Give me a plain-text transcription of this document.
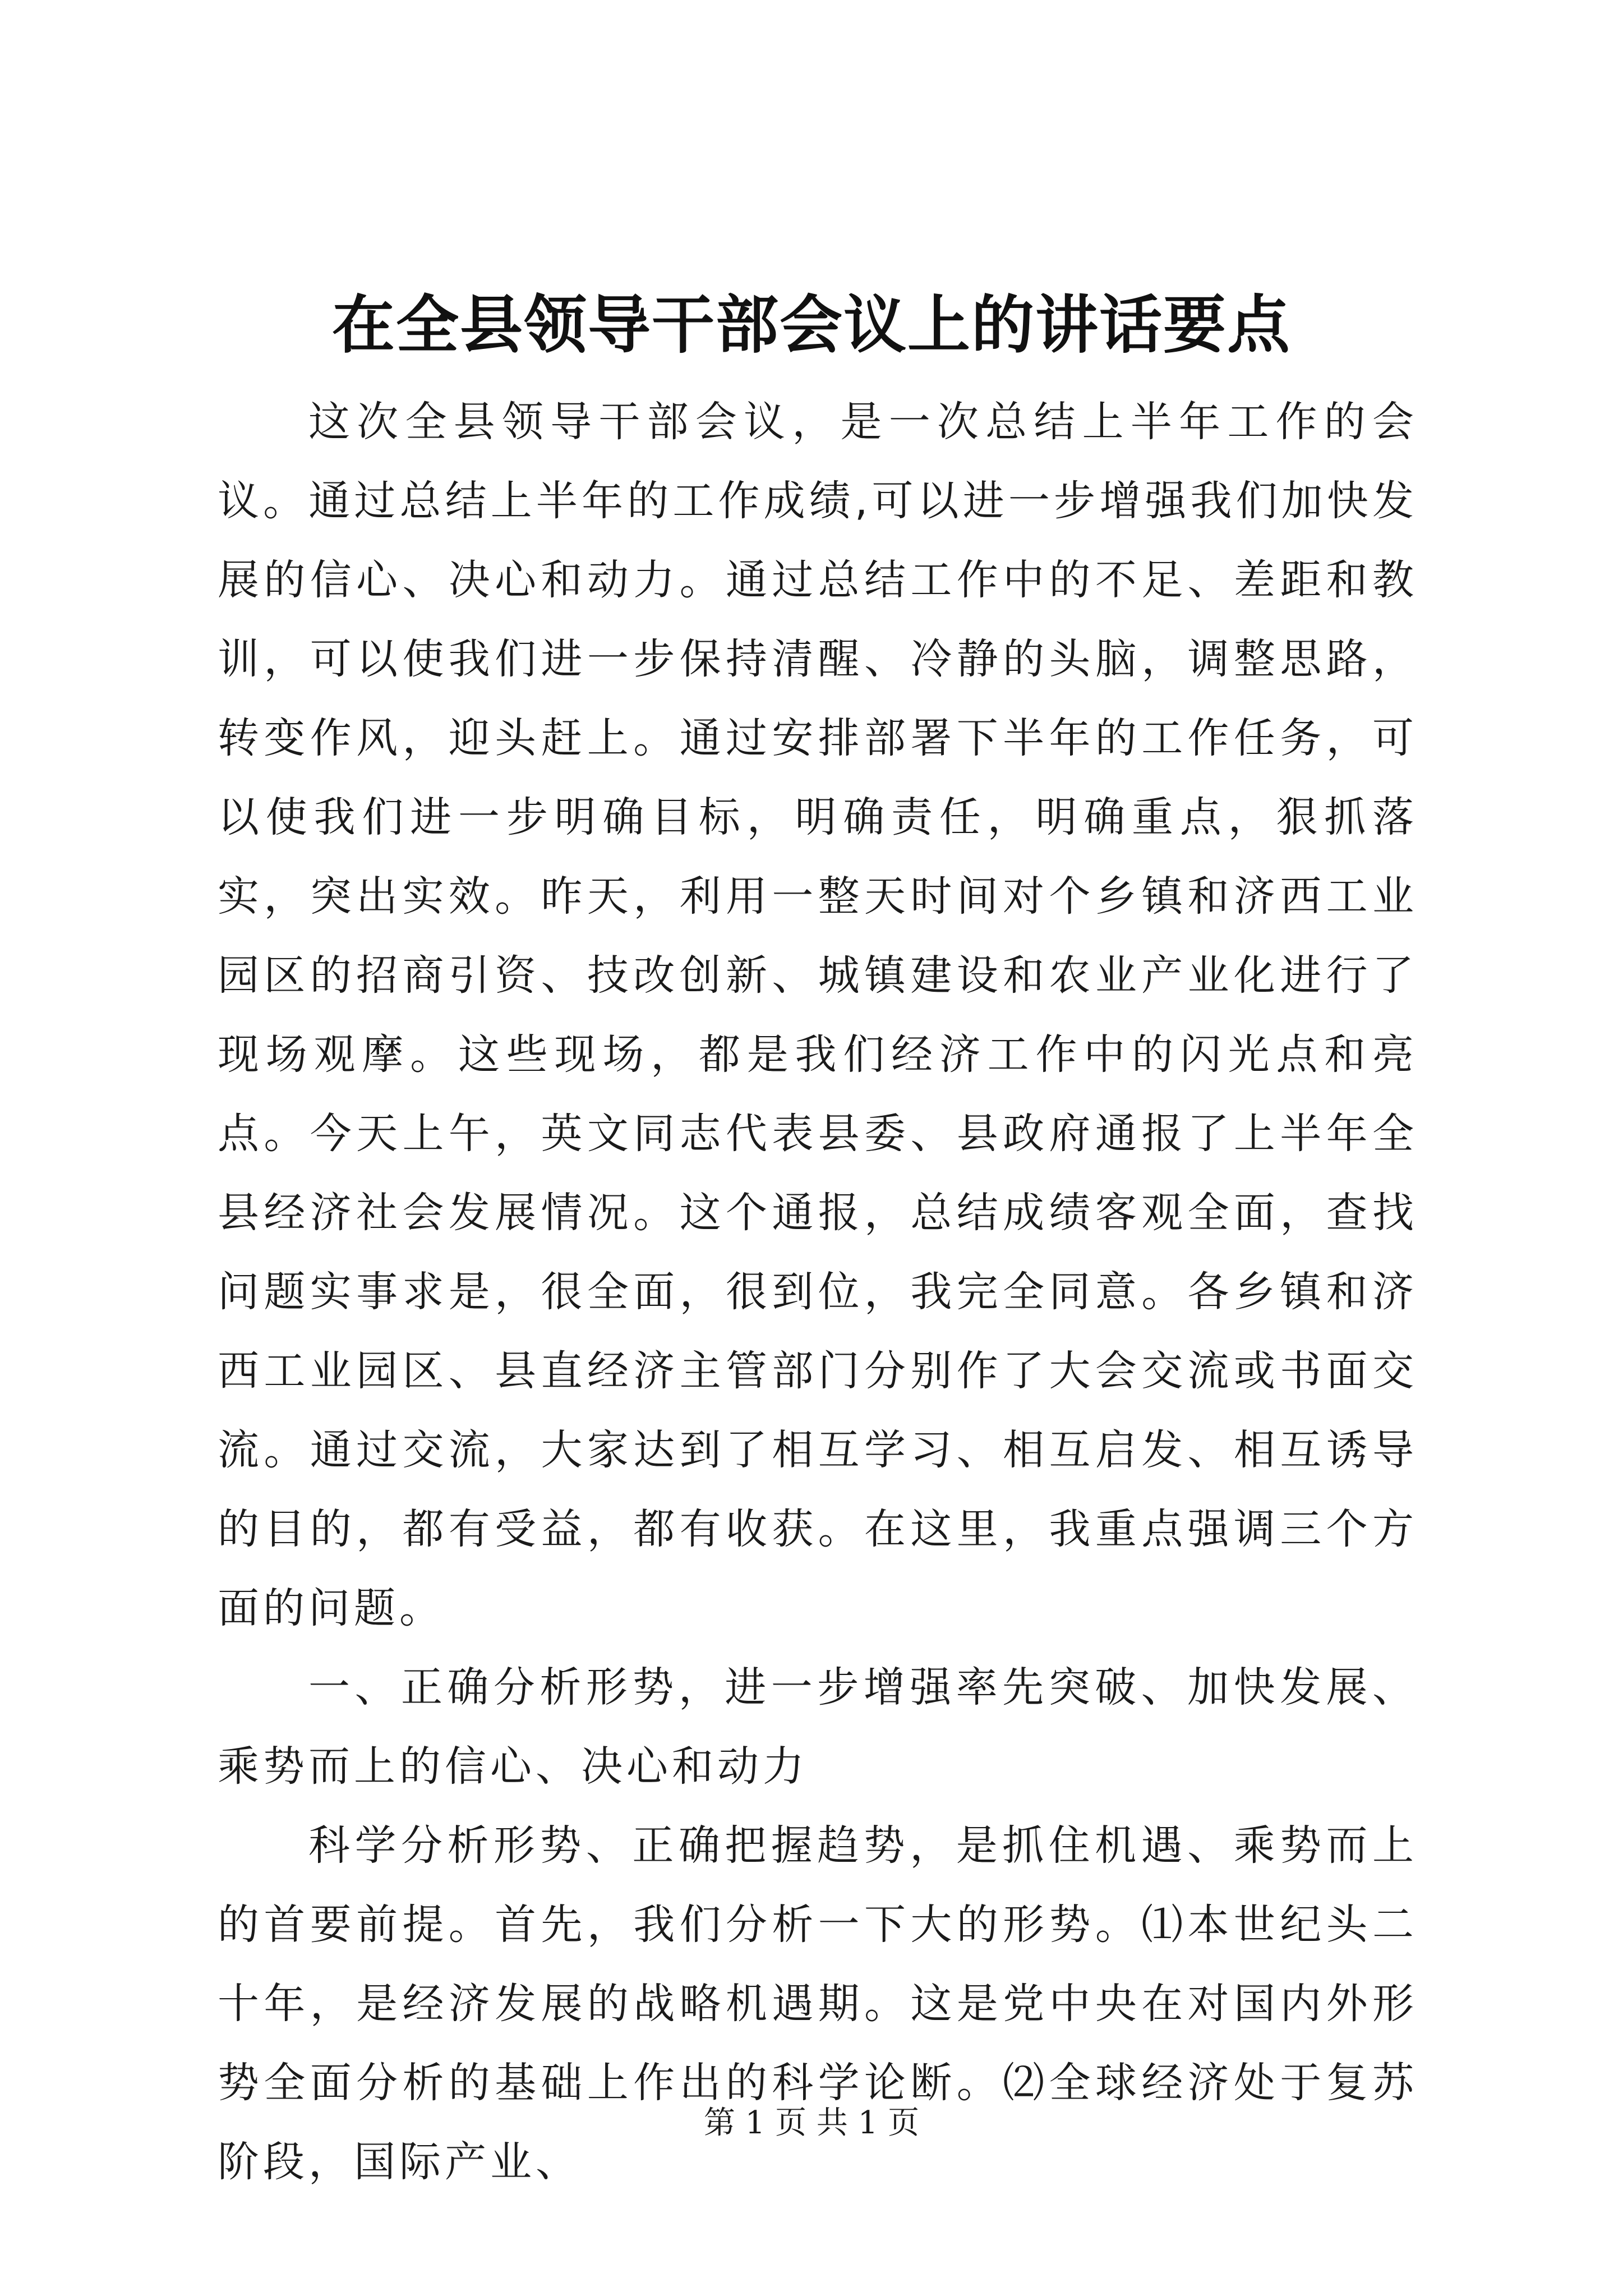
在全县领导干部会议上的讲话要点

这次全县领导干部会议，是一次总结上半年工作的会议。通过总结上半年的工作成绩,可以进一步增强我们加快发展的信心、决心和动力。通过总结工作中的不足、差距和教训，可以使我们进一步保持清醒、冷静的头脑，调整思路，转变作风，迎头赶上。通过安排部署下半年的工作任务，可以使我们进一步明确目标，明确责任，明确重点，狠抓落实，突出实效。昨天，利用一整天时间对个乡镇和济西工业园区的招商引资、技改创新、城镇建设和农业产业化进行了现场观摩。这些现场，都是我们经济工作中的闪光点和亮点。今天上午，英文同志代表县委、县政府通报了上半年全县经济社会发展情况。这个通报，总结成绩客观全面，查找问题实事求是，很全面，很到位，我完全同意。各乡镇和济西工业园区、县直经济主管部门分别作了大会交流或书面交流。通过交流，大家达到了相互学习、相互启发、相互诱导的目的，都有受益，都有收获。在这里，我重点强调三个方面的问题。

一、正确分析形势，进一步增强率先突破、加快发展、乘势而上的信心、决心和动力

科学分析形势、正确把握趋势，是抓住机遇、乘势而上的首要前提。首先，我们分析一下大的形势。⑴本世纪头二十年，是经济发展的战略机遇期。这是党中央在对国内外形势全面分析的基础上作出的科学论断。⑵全球经济处于复苏阶段，国际产业、

第 1 页 共 1 页
